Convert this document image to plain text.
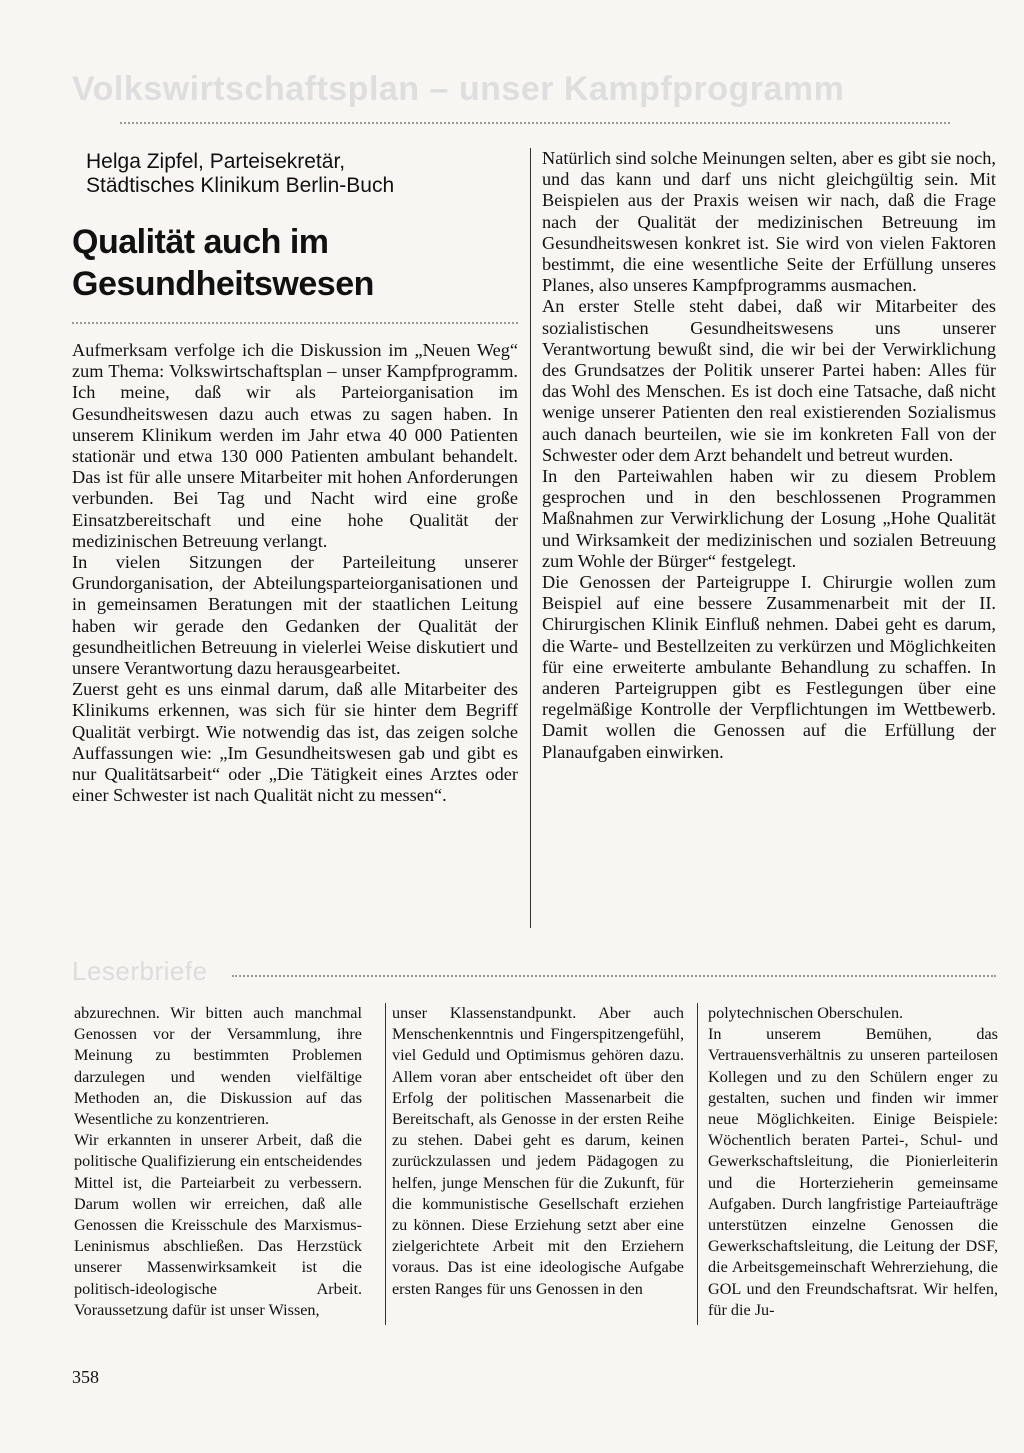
Volkswirtschaftsplan – unser Kampfprogramm
Helga Zipfel, Parteisekretär,
Städtisches Klinikum Berlin-Buch
Qualität auch im
Gesundheitswesen

Aufmerksam verfolge ich die Diskussion im „Neuen Weg“ zum Thema: Volkswirtschaftsplan – unser Kampfprogramm. Ich meine, daß wir als Parteiorganisation im Gesundheitswesen dazu auch etwas zu sagen haben. In unserem Klinikum werden im Jahr etwa 40 000 Patienten stationär und etwa 130 000 Patienten ambulant behandelt. Das ist für alle unsere Mitarbeiter mit hohen Anforderungen verbunden. Bei Tag und Nacht wird eine große Einsatzbereitschaft und eine hohe Qualität der medizinischen Betreuung verlangt.

In vielen Sitzungen der Parteileitung unserer Grundorganisation, der Abteilungsparteiorganisationen und in gemeinsamen Beratungen mit der staatlichen Leitung haben wir gerade den Gedanken der Qualität der gesundheitlichen Betreuung in vielerlei Weise diskutiert und unsere Verantwortung dazu herausgearbeitet.

Zuerst geht es uns einmal darum, daß alle Mitarbeiter des Klinikums erkennen, was sich für sie hinter dem Begriff Qualität verbirgt. Wie notwendig das ist, das zeigen solche Auffassungen wie: „Im Gesundheitswesen gab und gibt es nur Qualitätsarbeit“ oder „Die Tätigkeit eines Arztes oder einer Schwester ist nach Qualität nicht zu messen“.

Natürlich sind solche Meinungen selten, aber es gibt sie noch, und das kann und darf uns nicht gleichgültig sein. Mit Beispielen aus der Praxis weisen wir nach, daß die Frage nach der Qualität der medizinischen Betreuung im Gesundheitswesen konkret ist. Sie wird von vielen Faktoren bestimmt, die eine wesentliche Seite der Erfüllung unseres Planes, also unseres Kampfprogramms ausmachen.

An erster Stelle steht dabei, daß wir Mitarbeiter des sozialistischen Gesundheitswesens uns unserer Verantwortung bewußt sind, die wir bei der Verwirklichung des Grundsatzes der Politik unserer Partei haben: Alles für das Wohl des Menschen. Es ist doch eine Tatsache, daß nicht wenige unserer Patienten den real existierenden Sozialismus auch danach beurteilen, wie sie im konkreten Fall von der Schwester oder dem Arzt behandelt und betreut wurden.

In den Parteiwahlen haben wir zu diesem Problem gesprochen und in den beschlossenen Programmen Maßnahmen zur Verwirklichung der Losung „Hohe Qualität und Wirksamkeit der medizinischen und sozialen Betreuung zum Wohle der Bürger“ festgelegt.

Die Genossen der Parteigruppe I. Chirurgie wollen zum Beispiel auf eine bessere Zusammenarbeit mit der II. Chirurgischen Klinik Einfluß nehmen. Dabei geht es darum, die Warte- und Bestellzeiten zu verkürzen und Möglichkeiten für eine erweiterte ambulante Behandlung zu schaffen. In anderen Parteigruppen gibt es Festlegungen über eine regelmäßige Kontrolle der Verpflichtungen im Wettbewerb. Damit wollen die Genossen auf die Erfüllung der Planaufgaben einwirken.

Leserbriefe

abzurechnen. Wir bitten auch manchmal Genossen vor der Versammlung, ihre Meinung zu bestimmten Problemen darzulegen und wenden vielfältige Methoden an, die Diskussion auf das Wesentliche zu konzentrieren.

Wir erkannten in unserer Arbeit, daß die politische Qualifizierung ein entscheidendes Mittel ist, die Parteiarbeit zu verbessern. Darum wollen wir erreichen, daß alle Genossen die Kreisschule des Marxismus-Leninismus abschließen. Das Herzstück unserer Massenwirksamkeit ist die politisch-ideologische Arbeit. Voraussetzung dafür ist unser Wissen,

unser Klassenstandpunkt. Aber auch Menschenkenntnis und Fingerspitzengefühl, viel Geduld und Optimismus gehören dazu. Allem voran aber entscheidet oft über den Erfolg der politischen Massenarbeit die Bereitschaft, als Genosse in der ersten Reihe zu stehen. Dabei geht es darum, keinen zurückzulassen und jedem Pädagogen zu helfen, junge Menschen für die Zukunft, für die kommunistische Gesellschaft erziehen zu können. Diese Erziehung setzt aber eine zielgerichtete Arbeit mit den Erziehern voraus. Das ist eine ideologische Aufgabe ersten Ranges für uns Genossen in den

polytechnischen Oberschulen.

In unserem Bemühen, das Vertrauensverhältnis zu unseren parteilosen Kollegen und zu den Schülern enger zu gestalten, suchen und finden wir immer neue Möglichkeiten. Einige Beispiele: Wöchentlich beraten Partei-, Schul- und Gewerkschaftsleitung, die Pionierleiterin und die Horterzieherin gemeinsame Aufgaben. Durch langfristige Parteiaufträge unterstützen einzelne Genossen die Gewerkschaftsleitung, die Leitung der DSF, die Arbeitsgemeinschaft Wehrerziehung, die GOL und den Freundschaftsrat. Wir helfen, für die Ju-

358
